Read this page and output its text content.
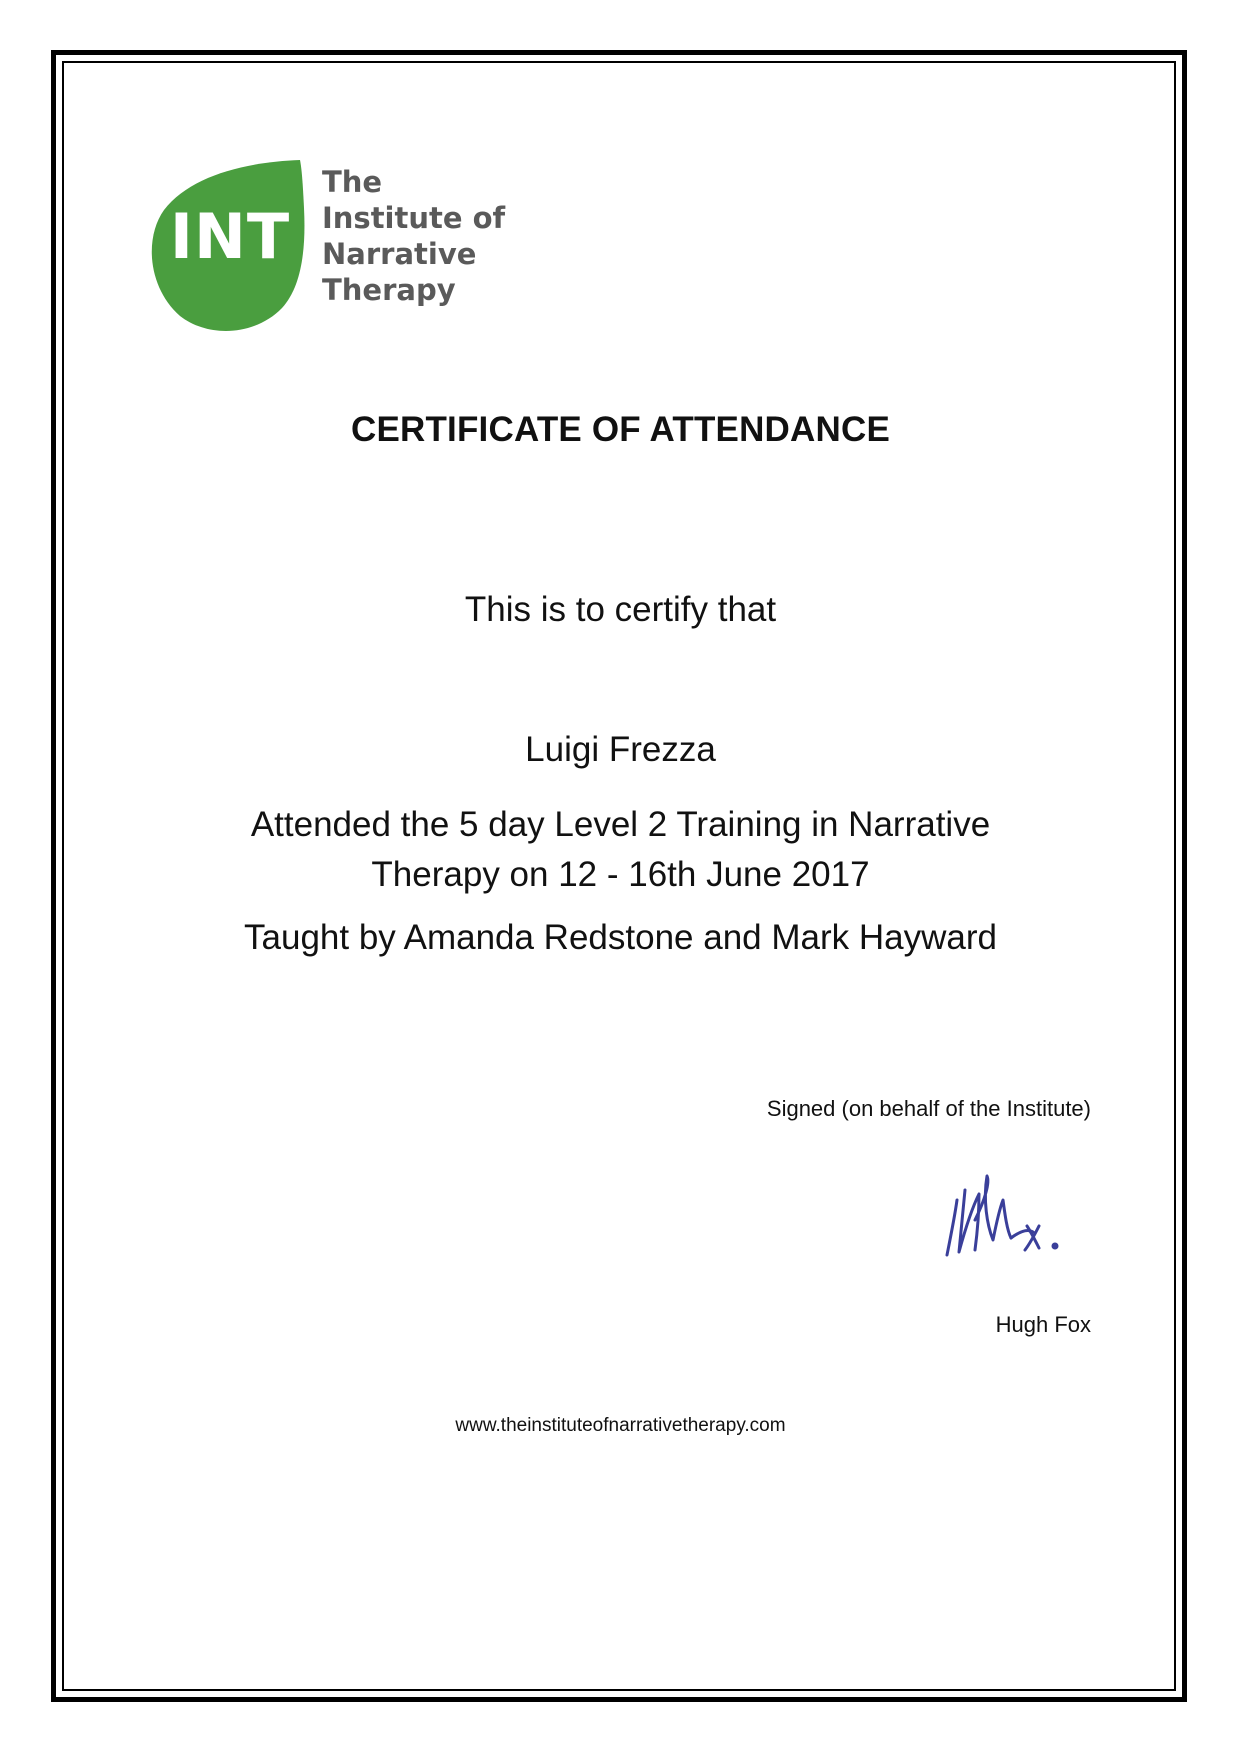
INT
The
Institute of
Narrative
Therapy
CERTIFICATE OF ATTENDANCE
This is to certify that
Luigi Frezza
Attended the 5 day Level 2 Training in Narrative
Therapy on 12 - 16th June 2017
Taught by Amanda Redstone and Mark Hayward
Signed (on behalf of the Institute)
Hugh Fox
www.theinstituteofnarrativetherapy.com
